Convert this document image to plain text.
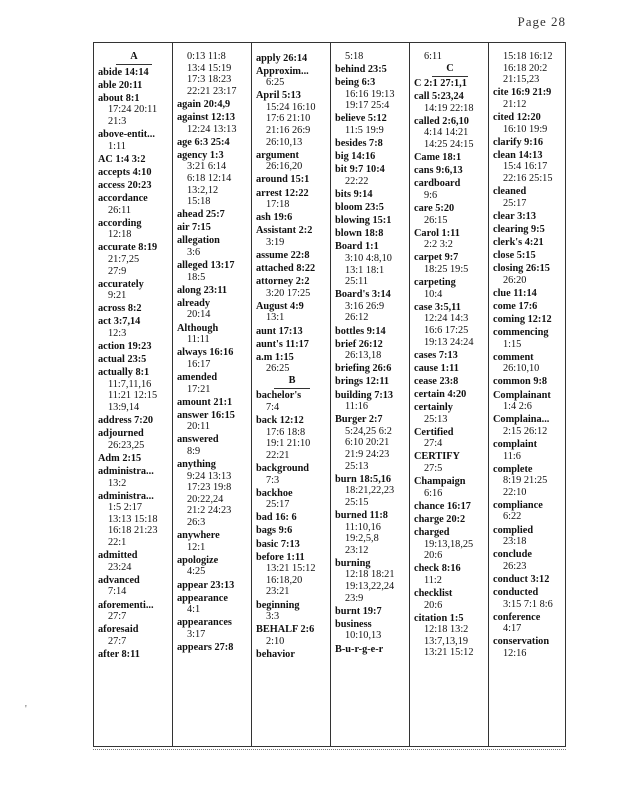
Page 28
A
abide 14:14
able 20:11
about 8:1
17:24 20:11
21:3
above-entit...
1:11
AC 1:4 3:2
accepts 4:10
access 20:23
accordance
26:11
according
12:18
accurate 8:19
21:7,25
27:9
accurately
9:21
across 8:2
act 3:7,14
12:3
action 19:23
actual 23:5
actually 8:1
11:7,11,16
11:21 12:15
13:9,14
address 7:20
adjourned
26:23,25
Adm 2:15
administra...
13:2
administra...
1:5 2:17
13:13 15:18
16:18 21:23
22:1
admitted
23:24
advanced
7:14
aforementi...
27:7
aforesaid
27:7
after 8:11
0:13 11:8
13:4 15:19
17:3 18:23
22:21 23:17
again 20:4,9
against 12:13
12:24 13:13
age 6:3 25:4
agency 1:3
3:21 6:14
6:18 12:14
13:2,12
15:18
ahead 25:7
air 7:15
allegation
3:6
alleged 13:17
18:5
along 23:11
already
20:14
Although
11:11
always 16:16
16:17
amended
17:21
amount 21:1
answer 16:15
20:11
answered
8:9
anything
9:24 13:13
17:23 19:8
20:22,24
21:2 24:23
26:3
anywhere
12:1
apologize
4:25
appear 23:13
appearance
4:1
appearances
3:17
appears 27:8
apply 26:14
Approxim...
6:25
April 5:13
15:24 16:10
17:6 21:10
21:16 26:9
26:10,13
argument
26:16,20
around 15:1
arrest 12:22
17:18
ash 19:6
Assistant 2:2
3:19
assume 22:8
attached 8:22
attorney 2:2
3:20 17:25
August 4:9
13:1
aunt 17:13
aunt's 11:17
a.m 1:15
26:25
B
bachelor's
7:4
back 12:12
17:6 18:8
19:1 21:10
22:21
background
7:3
backhoe
25:17
bad 16: 6
bags 9:6
basic 7:13
before 1:11
13:21 15:12
16:18,20
23:21
beginning
3:3
BEHALF 2:6
2:10
behavior
5:18
behind 23:5
being 6:3
16:16 19:13
19:17 25:4
believe 5:12
11:5 19:9
besides 7:8
big 14:16
bit 9:7 10:4
22:22
bits 9:14
bloom 23:5
blowing 15:1
blown 18:8
Board 1:1
3:10 4:8,10
13:1 18:1
25:11
Board's 3:14
3:16 26:9
26:12
bottles 9:14
brief 26:12
26:13,18
briefing 26:6
brings 12:11
building 7:13
11:16
Burger 2:7
5:24,25 6:2
6:10 20:21
21:9 24:23
25:13
burn 18:5,16
18:21,22,23
25:15
burned 11:8
11:10,16
19:2,5,8
23:12
burning
12:18 18:21
19:13,22,24
23:9
burnt 19:7
business
10:10,13
B-u-r-g-e-r
6:11
C
C 2:1 27:1,1
call 5:23,24
14:19 22:18
called 2:6,10
4:14 14:21
14:25 24:15
Came 18:1
cans 9:6,13
cardboard
9:6
care 5:20
26:15
Carol 1:11
2:2 3:2
carpet 9:7
18:25 19:5
carpeting
10:4
case 3:5,11
12:24 14:3
16:6 17:25
19:13 24:24
cases 7:13
cause 1:11
cease 23:8
certain 4:20
certainly
25:13
Certified
27:4
CERTIFY
27:5
Champaign
6:16
chance 16:17
charge 20:2
charged
19:13,18,25
20:6
check 8:16
11:2
checklist
20:6
citation 1:5
12:18 13:2
13:7,13,19
13:21 15:12
15:18 16:12
16:18 20:2
21:15,23
cite 16:9 21:9
21:12
cited 12:20
16:10 19:9
clarify 9:16
clean 14:13
15:4 16:17
22:16 25:15
cleaned
25:17
clear 3:13
clearing 9:5
clerk's 4:21
close 5:15
closing 26:15
26:20
clue 11:14
come 17:6
coming 12:12
commencing
1:15
comment
26:10,10
common 9:8
Complainant
1:4 2:6
Complaina...
2:15 26:12
complaint
11:6
complete
8:19 21:25
22:10
compliance
6:22
complied
23:18
conclude
26:23
conduct 3:12
conducted
3:15 7:1 8:6
conference
4:17
conservation
12:16
'
